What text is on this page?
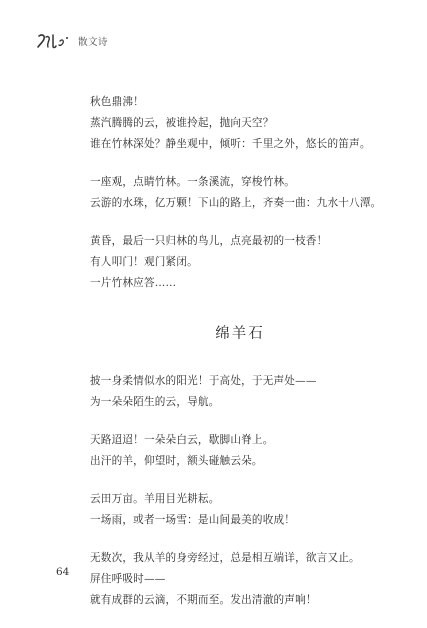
散文诗
秋色鼎沸！
蒸汽腾腾的云，被谁拎起，抛向天空？
谁在竹林深处？静坐观中，倾听：千里之外，悠长的笛声。
一座观，点睛竹林。一条溪流，穿梭竹林。
云游的水珠，亿万颗！下山的路上，齐奏一曲：九水十八潭。
黄昏，最后一只归林的鸟儿，点亮最初的一枝香！
有人叩门！观门紧闭。
一片竹林应答……
绵羊石
披一身柔情似水的阳光！于高处，于无声处——
为一朵朵陌生的云，导航。
天路迢迢！一朵朵白云，歇脚山脊上。
出汗的羊，仰望时，额头碰触云朵。
云田万亩。羊用目光耕耘。
一场雨，或者一场雪：是山间最美的收成！
无数次，我从羊的身旁经过，总是相互端详，欲言又止。
屏住呼吸时——
就有成群的云滴，不期而至。发出清澈的声响！
64
